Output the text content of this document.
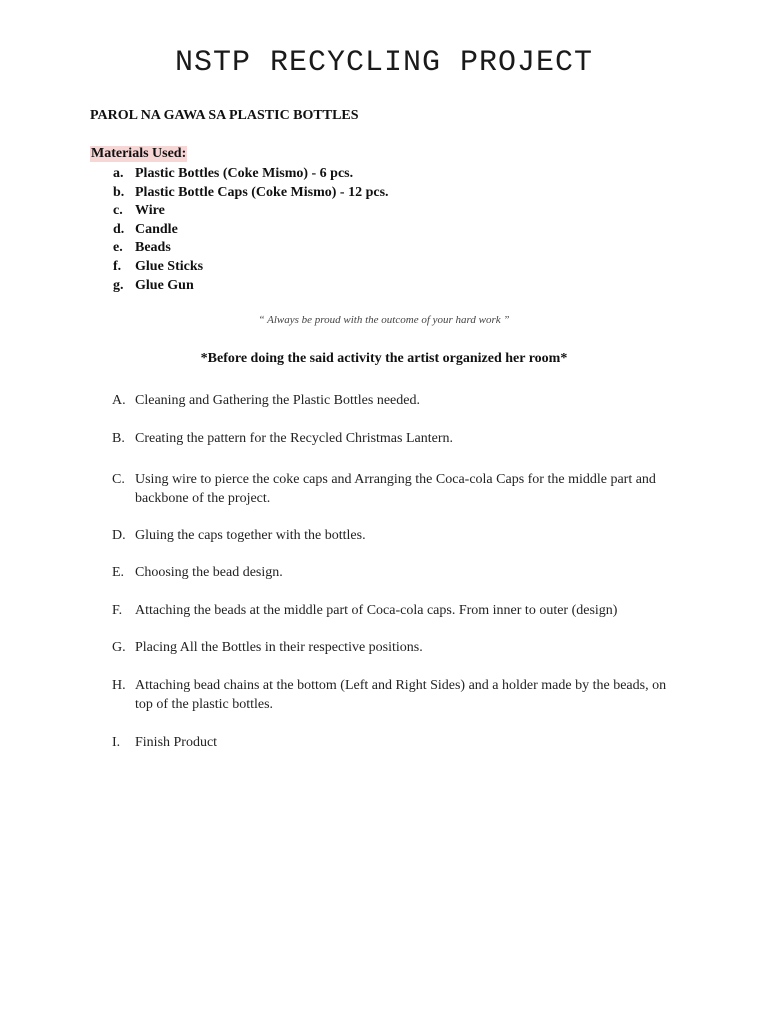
NSTP RECYCLING PROJECT

PAROL NA GAWA SA PLASTIC BOTTLES

Materials Used:

a. Plastic Bottles (Coke Mismo) - 6 pcs.
b. Plastic Bottle Caps (Coke Mismo) - 12 pcs.
c. Wire
d. Candle
e. Beads
f. Glue Sticks
g. Glue Gun

“ Always be proud with the outcome of your hard work ”

*Before doing the said activity the artist organized her room*

A. Cleaning and Gathering the Plastic Bottles needed.
B. Creating the pattern for the Recycled Christmas Lantern.
C. Using wire to pierce the coke caps and Arranging the Coca-cola Caps for the middle part and backbone of the project.
D. Gluing the caps together with the bottles.
E. Choosing the bead design.
F. Attaching the beads at the middle part of Coca-cola caps. From inner to outer (design)
G. Placing All the Bottles in their respective positions.
H. Attaching bead chains at the bottom (Left and Right Sides) and a holder made by the beads, on top of the plastic bottles.
I.	Finish Product
